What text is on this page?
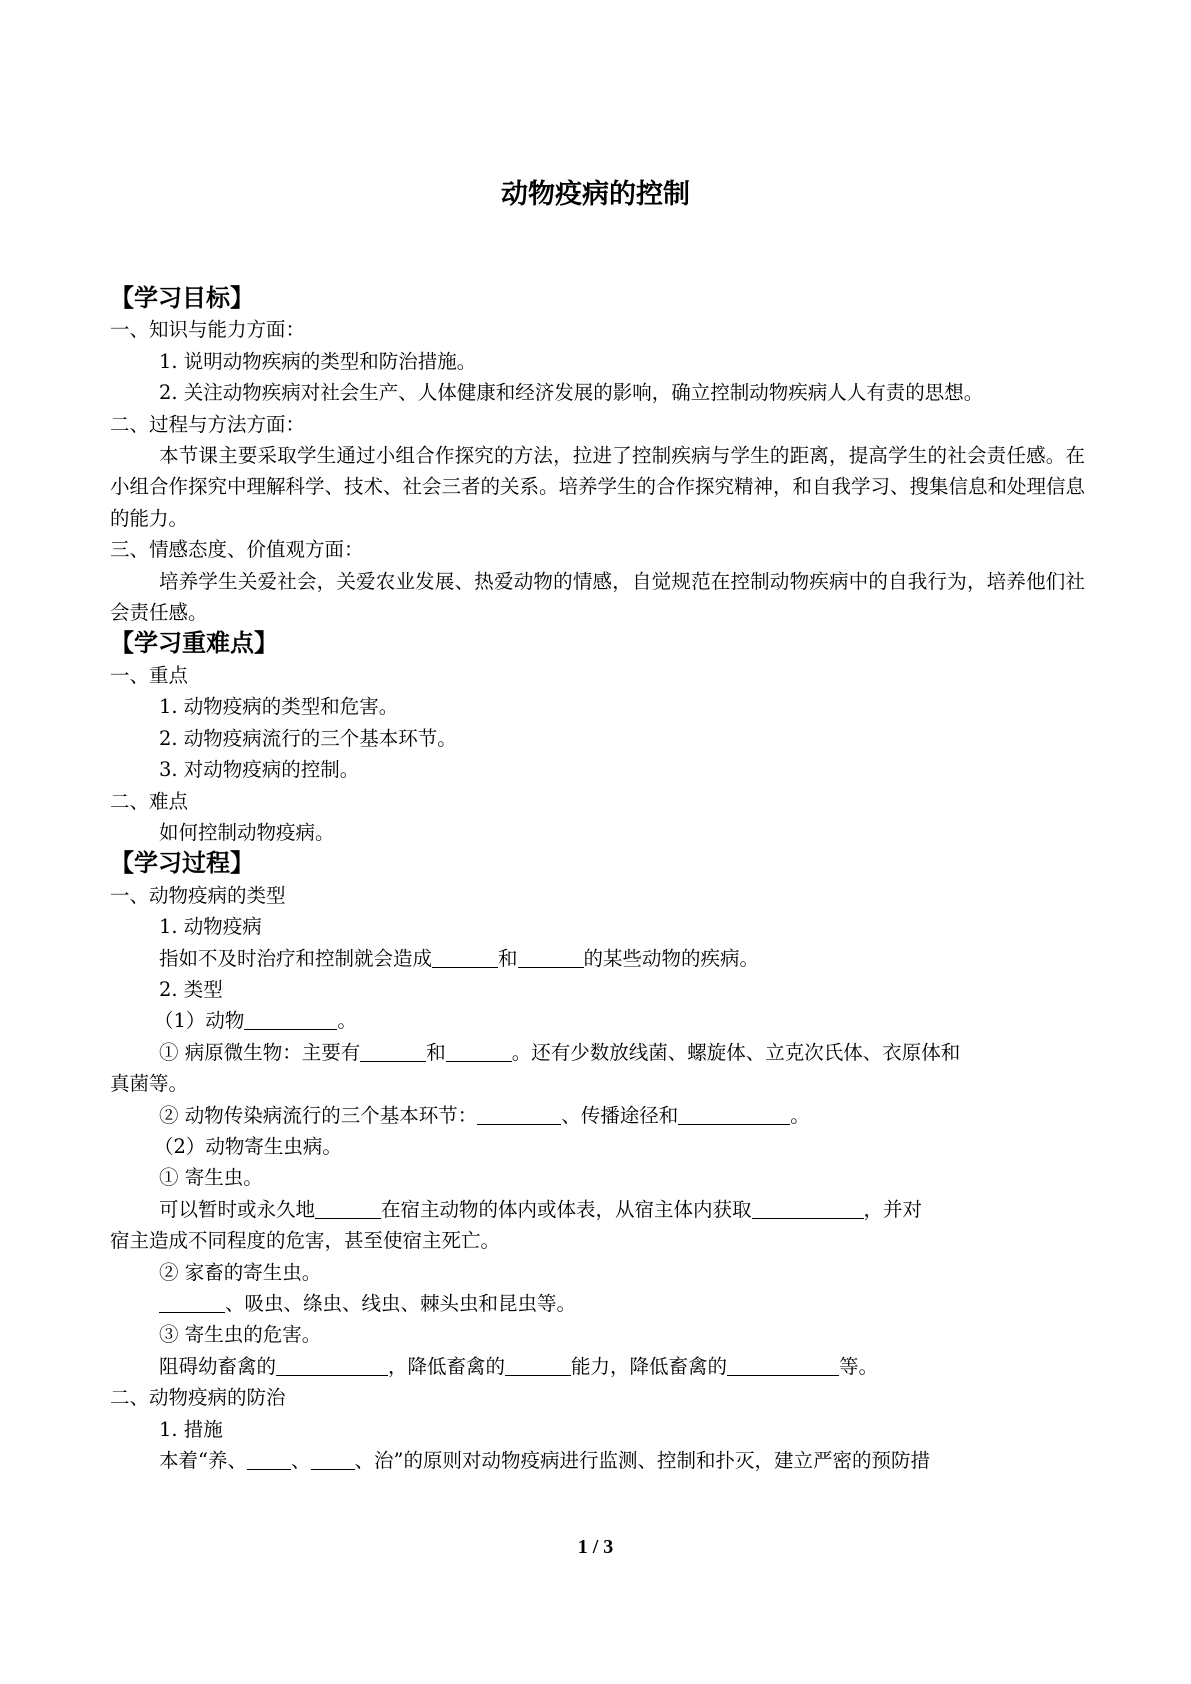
动物疫病的控制
【学习目标】
一、知识与能力方面：
1. 说明动物疾病的类型和防治措施。
2. 关注动物疾病对社会生产、人体健康和经济发展的影响，确立控制动物疾病人人有责的思想。
二、过程与方法方面：
本节课主要采取学生通过小组合作探究的方法，拉进了控制疾病与学生的距离，提高学生的社会责任感。在小组合作探究中理解科学、技术、社会三者的关系。培养学生的合作探究精神，和自我学习、搜集信息和处理信息的能力。
三、情感态度、价值观方面：
培养学生关爱社会，关爱农业发展、热爱动物的情感，自觉规范在控制动物疾病中的自我行为，培养他们社会责任感。
【学习重难点】
一、重点
1. 动物疫病的类型和危害。
2. 动物疫病流行的三个基本环节。
3. 对动物疫病的控制。
二、难点
如何控制动物疫病。
【学习过程】
一、动物疫病的类型
1. 动物疫病
指如不及时治疗和控制就会造成	和	的某些动物的疾病。
2. 类型
（1）动物	。
① 病原微生物：主要有	和	。还有少数放线菌、螺旋体、立克次氏体、衣原体和
真菌等。
② 动物传染病流行的三个基本环节：	、传播途径和	。
（2）动物寄生虫病。
① 寄生虫。
可以暂时或永久地	在宿主动物的体内或体表，从宿主体内获取	，并对
宿主造成不同程度的危害，甚至使宿主死亡。
② 家畜的寄生虫。
、吸虫、绦虫、线虫、棘头虫和昆虫等。
③ 寄生虫的危害。
阻碍幼畜禽的	，降低畜禽的	能力，降低畜禽的	等。
二、动物疫病的防治
1. 措施
本着“养、 、 、治”的原则对动物疫病进行监测、控制和扑灭，建立严密的预防措
1 / 3
